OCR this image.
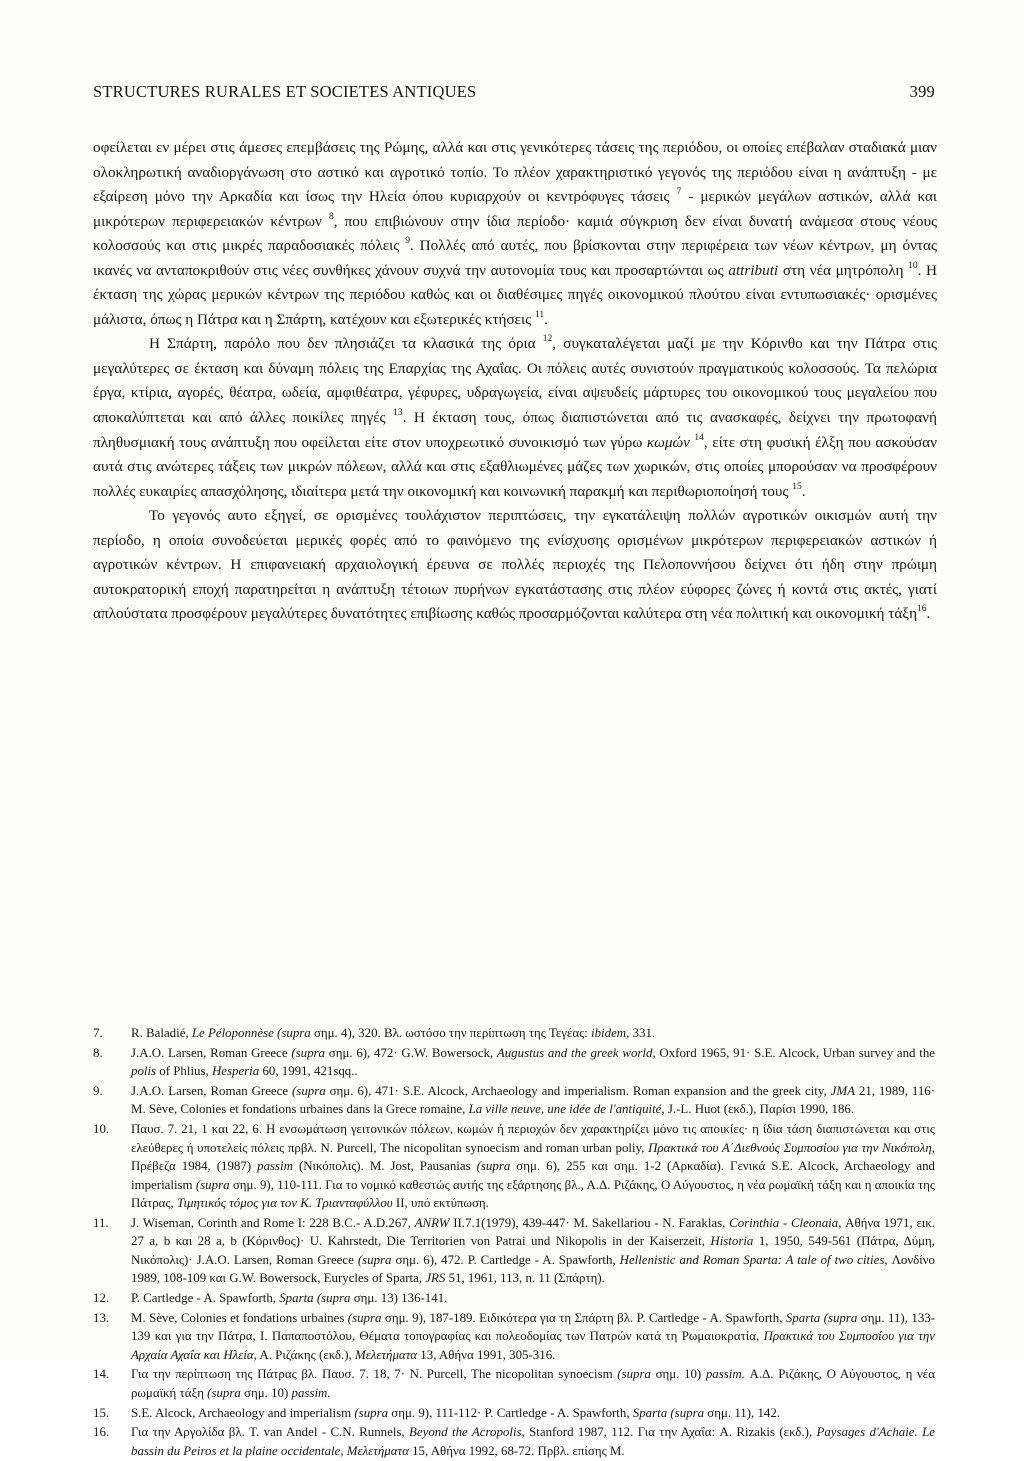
STRUCTURES RURALES ET SOCIETES ANTIQUES	399

οφείλεται εν μέρει στις άμεσες επεμβάσεις της Ρώμης, αλλά και στις γενικότερες τάσεις της περιόδου, οι οποίες επέβαλαν σταδιακά μιαν ολοκληρωτική αναδιοργάνωση στο αστικό και αγροτικό τοπίο. Το πλέον χαρακτηριστικό γεγονός της περιόδου είναι η ανάπτυξη - με εξαίρεση μόνο την Αρκαδία και ίσως την Ηλεία όπου κυριαρχούν οι κεντρόφυγες τάσεις $^7$ - μερικών μεγάλων αστικών, αλλά και μικρότερων περιφερειακών κέντρων $^8$, που επιβιώνουν στην ίδια περίοδο· καμιά σύγκριση δεν είναι δυνατή ανάμεσα στους νέους κολοσσούς και στις μικρές παραδοσιακές πόλεις $^9$. Πολλές από αυτές, που βρίσκονται στην περιφέρεια των νέων κέντρων, μη όντας ικανές να ανταποκριθούν στις νέες συνθήκες χάνουν συχνά την αυτονομία τους και προσαρτώνται ως attributi στη νέα μητρόπολη $^{10}$. Η έκταση της χώρας μερικών κέντρων της περιόδου καθώς και οι διαθέσιμες πηγές οικονομικού πλούτου είναι εντυπωσιακές· ορισμένες μάλιστα, όπως η Πάτρα και η Σπάρτη, κατέχουν και εξωτερικές κτήσεις $^{11}$.

Η Σπάρτη, παρόλο που δεν πλησιάζει τα κλασικά της όρια $^{12}$, συγκαταλέγεται μαζί με την Κόρινθο και την Πάτρα στις μεγαλύτερες σε έκταση και δύναμη πόλεις της Επαρχίας της Αχαΐας. Οι πόλεις αυτές συνιστούν πραγματικούς κολοσσούς. Τα πελώρια έργα, κτίρια, αγορές, θέατρα, ωδεία, αμφιθέατρα, γέφυρες, υδραγωγεία, είναι αψευδείς μάρτυρες του οικονομικού τους μεγαλείου που αποκαλύπτεται και από άλλες ποικίλες πηγές $^{13}$. Η έκταση τους, όπως διαπιστώνεται από τις ανασκαφές, δείχνει την πρωτοφανή πληθυσμιακή τους ανάπτυξη που οφείλεται είτε στον υποχρεωτικό συνοικισμό των γύρω κωμών $^{14}$, είτε στη φυσική έλξη που ασκούσαν αυτά στις ανώτερες τάξεις των μικρών πόλεων, αλλά και στις εξαθλιωμένες μάζες των χωρικών, στις οποίες μπορούσαν να προσφέρουν πολλές ευκαιρίες απασχόλησης, ιδιαίτερα μετά την οικονομική και κοινωνική παρακμή και περιθωριοποίησή τους $^{15}$.

Το γεγονός αυτο εξηγεί, σε ορισμένες τουλάχιστον περιπτώσεις, την εγκατάλειψη πολλών αγροτικών οικισμών αυτή την περίοδο, η οποία συνοδεύεται μερικές φορές από το φαινόμενο της ενίσχυσης ορισμένων μικρότερων περιφερειακών αστικών ή αγροτικών κέντρων. Η επιφανειακή αρχαιολογική έρευνα σε πολλές περιοχές της Πελοποννήσου δείχνει ότι ήδη στην πρώιμη αυτοκρατορική εποχή παρατηρείται η ανάπτυξη τέτοιων πυρήνων εγκατάστασης στις πλέον εύφορες ζώνες ή κοντά στις ακτές, γιατί απλούστατα προσφέρουν μεγαλύτερες δυνατότητες επιβίωσης καθώς προσαρμόζονται καλύτερα στη νέα πολιτική και οικονομική τάξη$^{16}$.

7. R. Baladié, Le Péloponnèse (supra σημ. 4), 320. Βλ. ωστόσο την περίπτωση της Τεγέας: ibidem, 331.
8. J.A.O. Larsen, Roman Greece (supra σημ. 6), 472· G.W. Bowersock, Augustus and the greek world, Oxford 1965, 91· S.E. Alcock, Urban survey and the polis of Phlius, Hesperia 60, 1991, 421sqq..
9. J.A.O. Larsen, Roman Greece (supra σημ. 6), 471· S.E. Alcock, Archaeology and imperialism. Roman expansion and the greek city, JMA 21, 1989, 116· M. Sève, Colonies et fondations urbaines dans la Grece romaine, La ville neuve, une idée de l'antiquité, J.-L. Huot (εκδ.), Παρίσι 1990, 186.
10. Παυσ. 7. 21, 1 και 22, 6. Η ενσωμάτωση γειτονικών πόλεων, κωμών ή περιοχών δεν χαρακτηρίζει μόνο τις αποικίες· η ίδια τάση διαπιστώνεται και στις ελεύθερες ή υποτελείς πόλεις πρβλ. N. Purcell, The nicopolitan synoecism and roman urban poliy, Πρακτικά του Α΄Διεθνούς Συμποσίου για την Νικόπολη, Πρέβεζα 1984, (1987) passim (Νικόπολις). M. Jost, Pausanias (supra σημ. 6), 255 και σημ. 1-2 (Αρκαδία). Γενικά S.E. Alcock, Archaeology and imperialism (supra σημ. 9), 110-111. Για το νομικό καθεστώς αυτής της εξάρτησης βλ., Α.Δ. Ριζάκης, Ο Αύγουστος, η νέα ρωμαϊκή τάξη και η αποικία της Πάτρας, Τιμητικός τόμος για τον Κ. Τριανταφύλλου II, υπό εκτύπωση.
11. J. Wiseman, Corinth and Rome I: 228 B.C.- A.D.267, ANRW II.7.1(1979), 439-447· M. Sakellariou - N. Faraklas, Corinthia - Cleonaia, Αθήνα 1971, εικ. 27 a, b και 28 a, b (Κόρινθος)· U. Kahrstedt, Die Territorien von Patrai und Nikopolis in der Kaiserzeit, Historia 1, 1950, 549-561 (Πάτρα, Δύμη, Νικόπολις)· J.A.O. Larsen, Roman Greece (supra σημ. 6), 472. P. Cartledge - A. Spawforth, Hellenistic and Roman Sparta: A tale of two cities, Λονδίνο 1989, 108-109 και G.W. Bowersock, Eurycles of Sparta, JRS 51, 1961, 113, n. 11 (Σπάρτη).
12. P. Cartledge - A. Spawforth, Sparta (supra σημ. 13) 136-141.
13. M. Sève, Colonies et fondations urbaines (supra σημ. 9), 187-189. Ειδικότερα για τη Σπάρτη βλ. P. Cartledge - A. Spawforth, Sparta (supra σημ. 11), 133-139 και για την Πάτρα, Ι. Παπαποστόλου, Θέματα τοπογραφίας και πολεοδομίας των Πατρών κατά τη Ρωμαιοκρατία, Πρακτικά του Συμποσίου για την Αρχαία Αχαΐα και Ηλεία, Α. Ριζάκης (εκδ.), Μελετήματα 13, Αθήνα 1991, 305-316.
14. Για την περίπτωση της Πάτρας βλ. Παυσ. 7. 18, 7· N. Purcell, The nicopolitan synoecism (supra σημ. 10) passim. Α.Δ. Ριζάκης, Ο Αύγουστος, η νέα ρωμαϊκή τάξη (supra σημ. 10) passim.
15. S.E. Alcock, Archaeology and imperialism (supra σημ. 9), 111-112· P. Cartledge - A. Spawforth, Sparta (supra σημ. 11), 142.
16. Για την Αργολίδα βλ. T. van Andel - C.N. Runnels, Beyond the Acropolis, Stanford 1987, 112. Για την Αχαΐα: A. Rizakis (εκδ.), Paysages d'Achaie. Le bassin du Peiros et la plaine occidentale, Μελετήματα 15, Αθήνα 1992, 68-72. Πρβλ. επίσης Μ.
